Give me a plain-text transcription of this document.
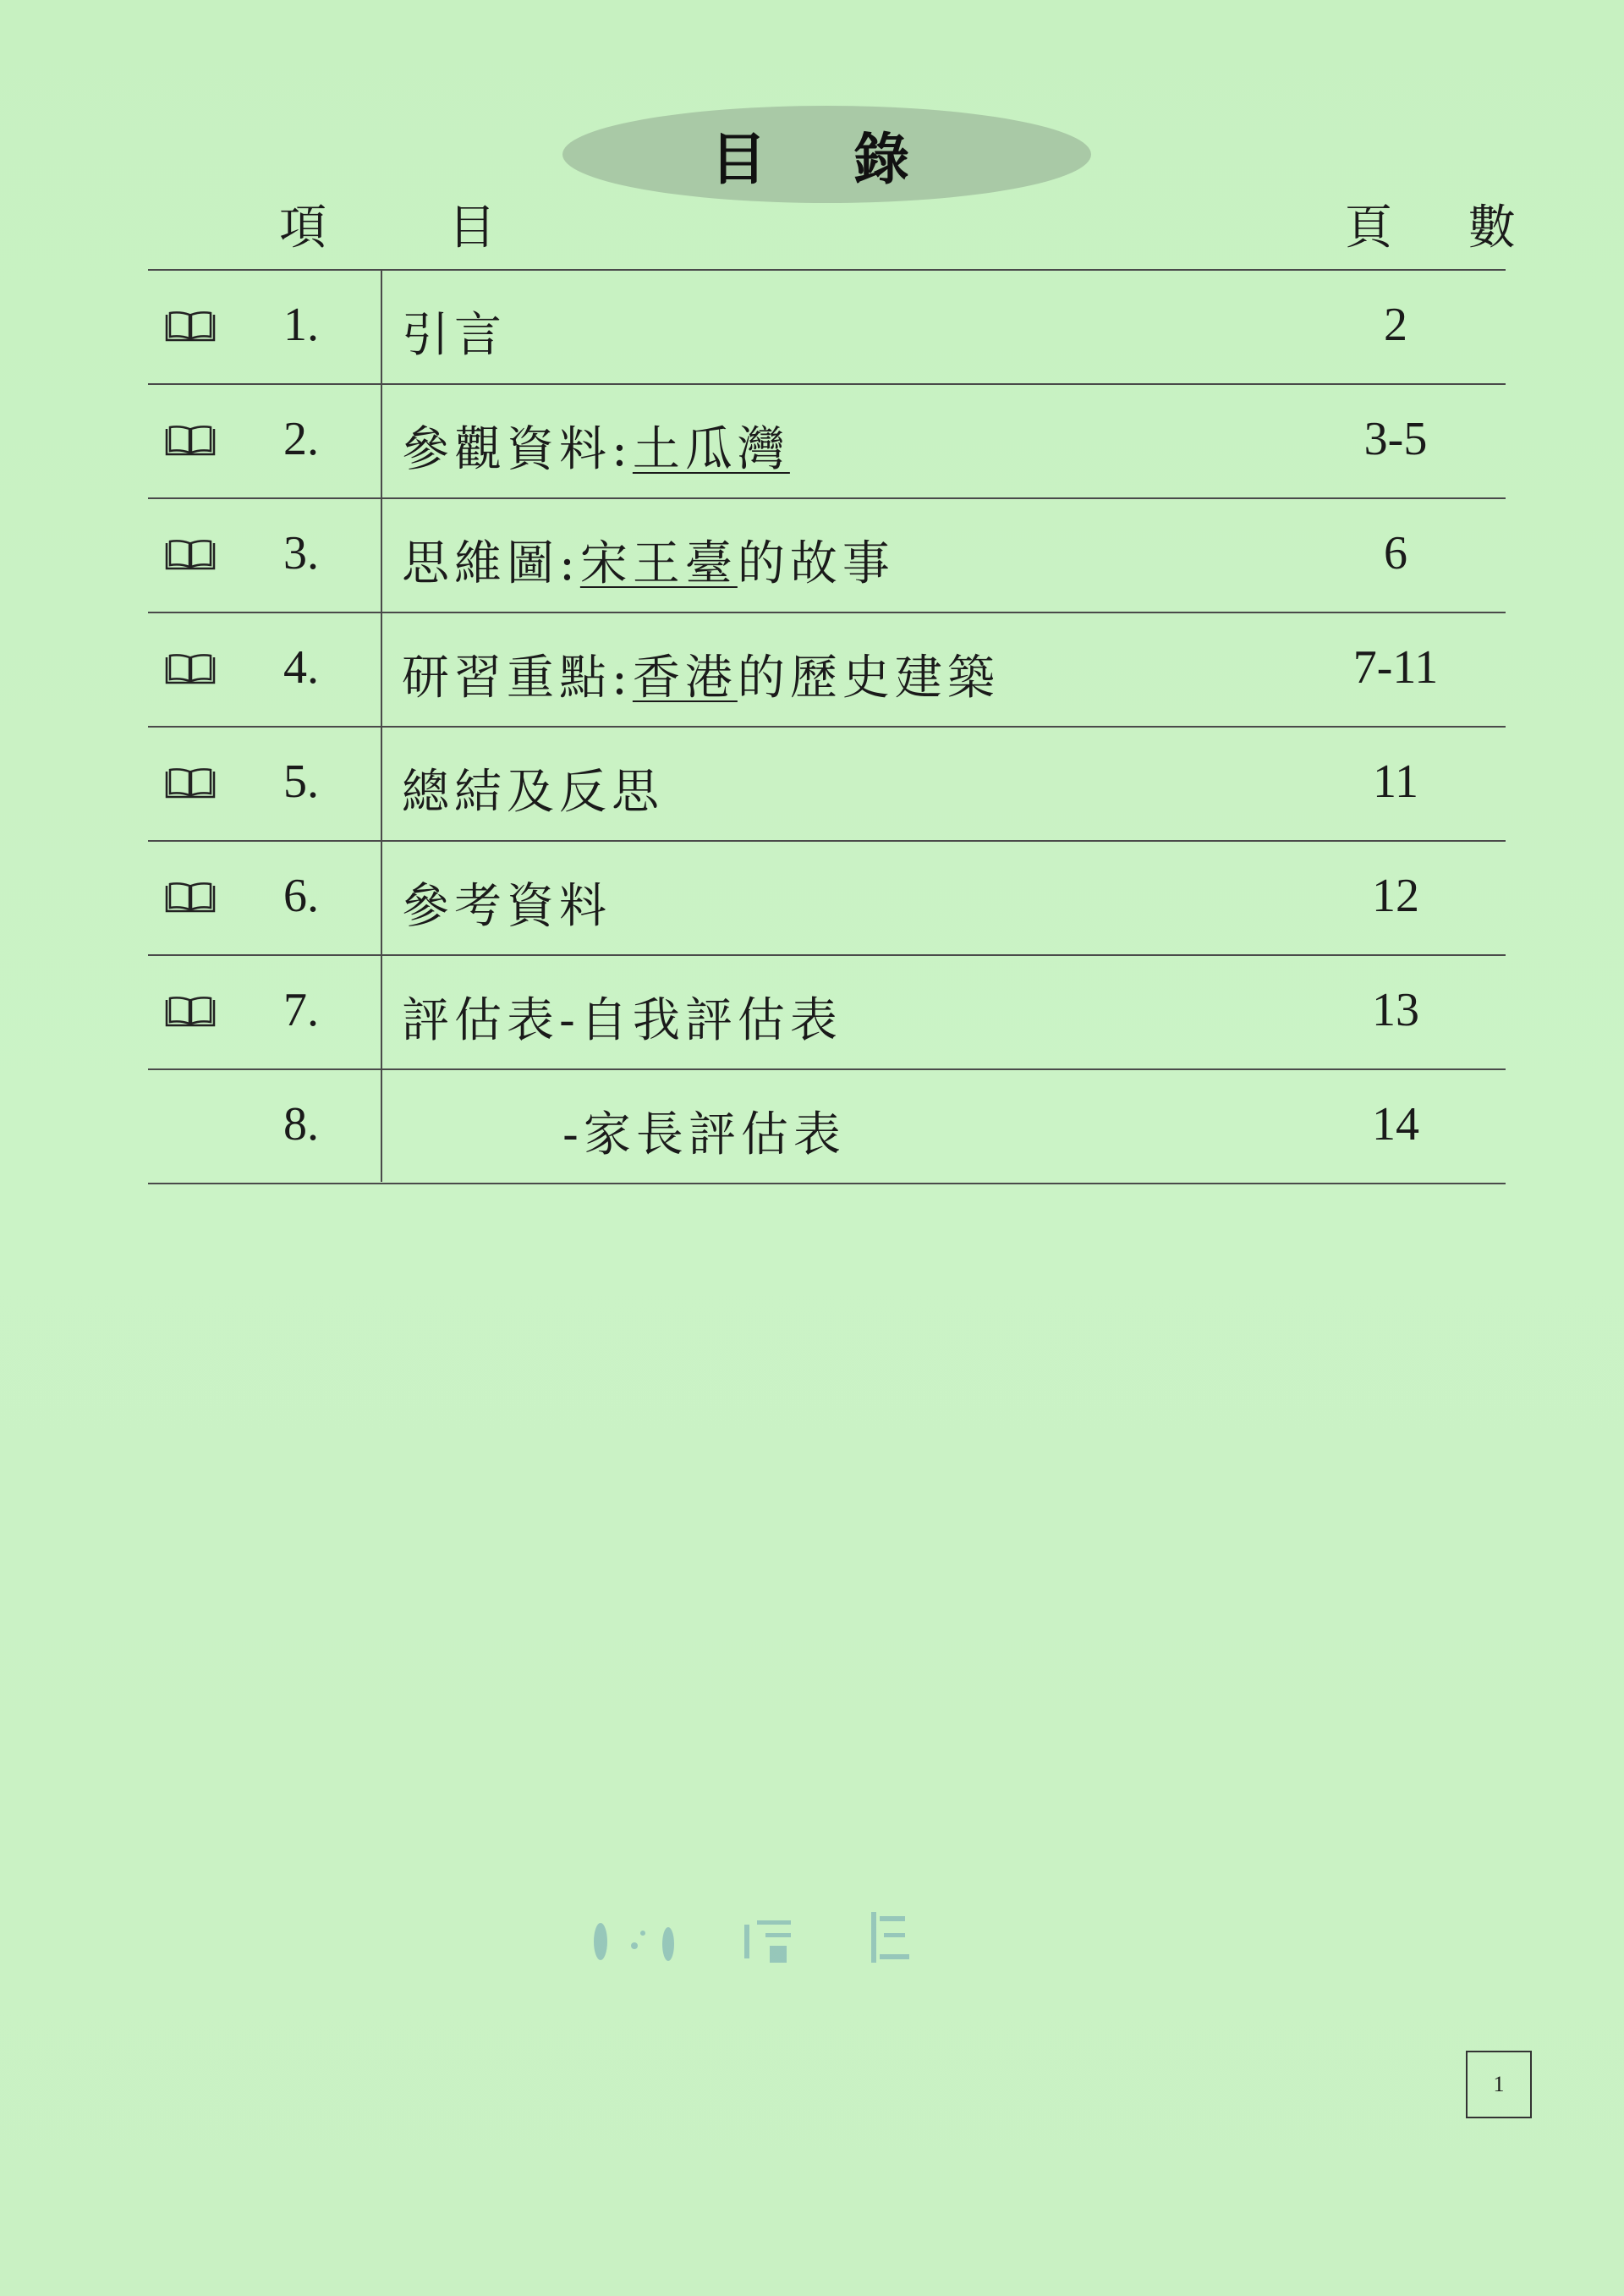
目 錄
項	目	頁 數
1. 引言	2
2. 參觀資料:土瓜灣	3-5
3. 思維圖:宋王臺的故事	6
4. 研習重點:香港的歷史建築	7-11
5. 總結及反思	11
6. 參考資料	12
7. 評估表-自我評估表	13
8.	-家長評估表	14
1
